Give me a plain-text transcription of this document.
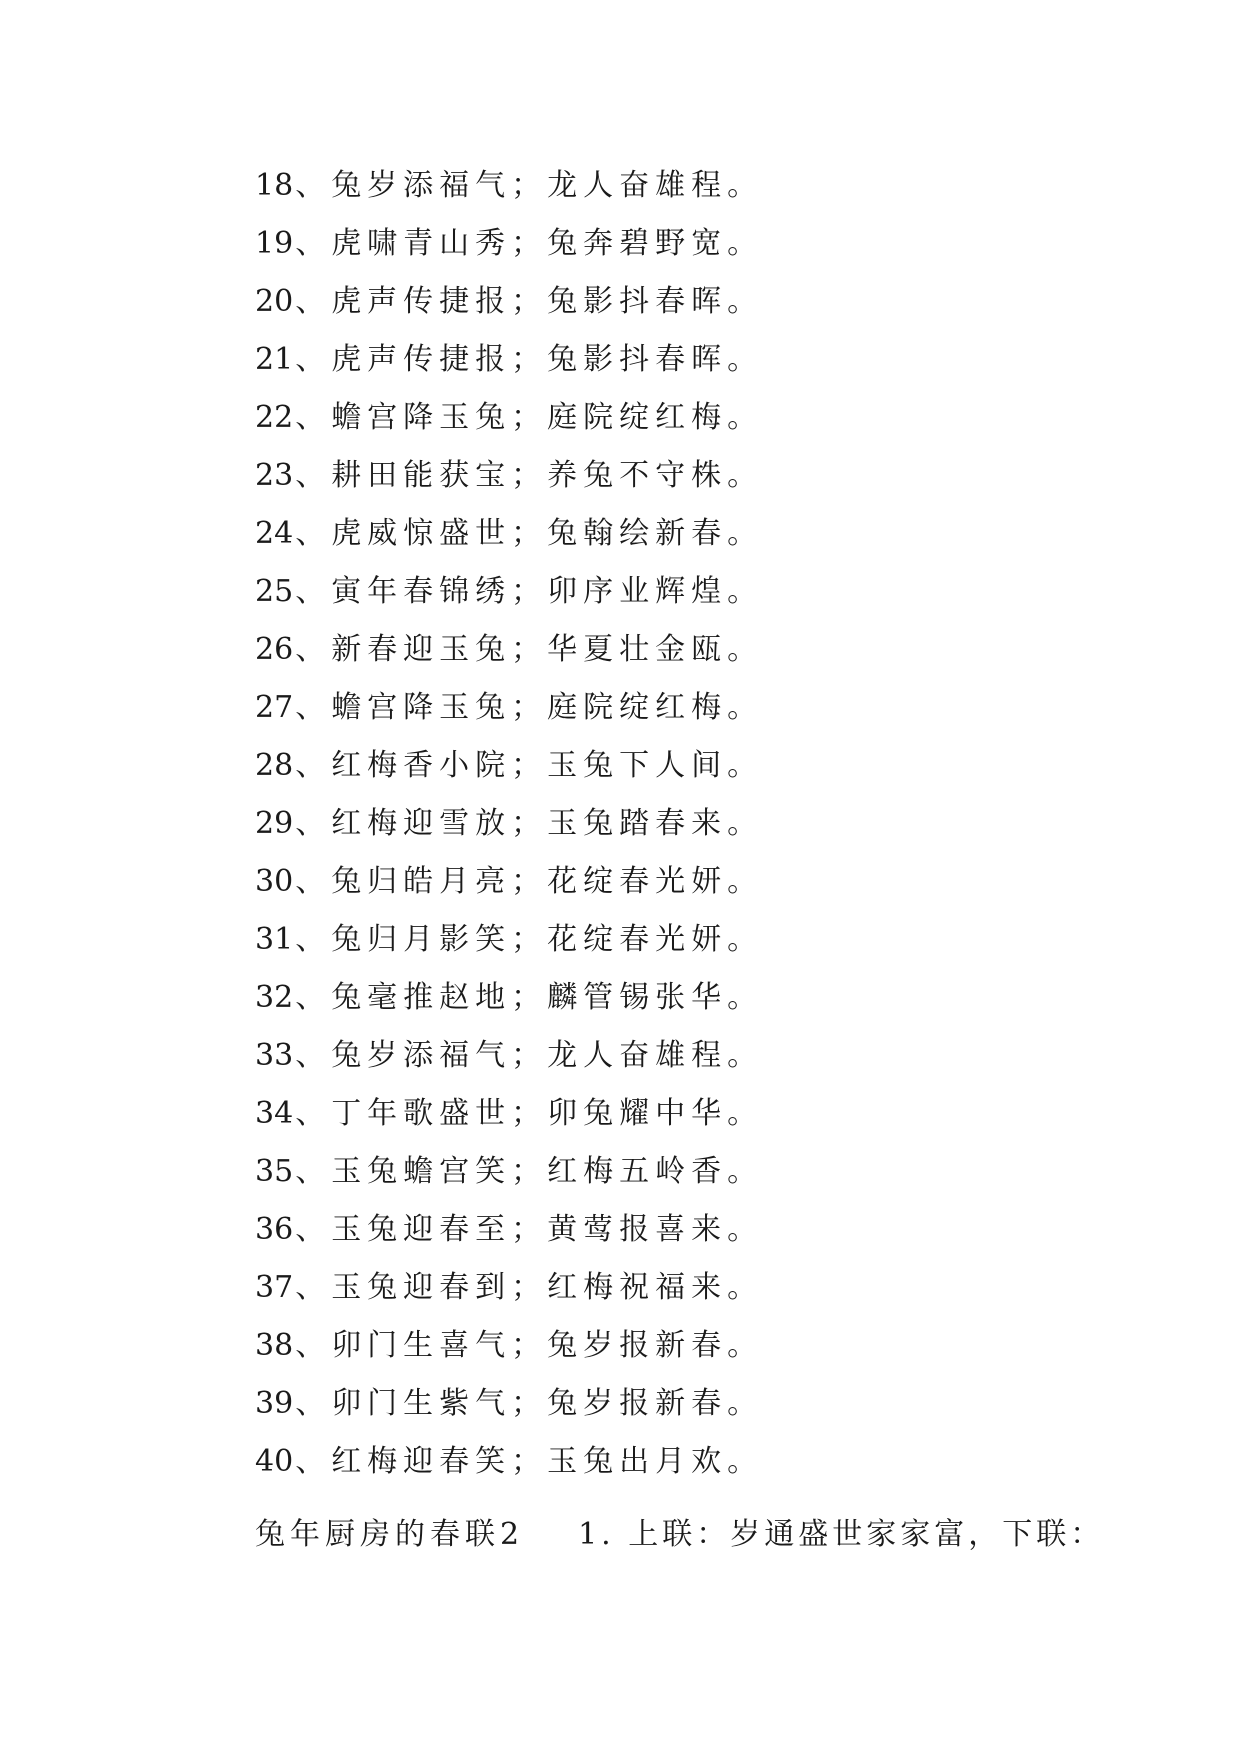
18、兔岁添福气；龙人奋雄程。
19、虎啸青山秀；兔奔碧野宽。
20、虎声传捷报；兔影抖春晖。
21、虎声传捷报；兔影抖春晖。
22、蟾宫降玉兔；庭院绽红梅。
23、耕田能获宝；养兔不守株。
24、虎威惊盛世；兔翰绘新春。
25、寅年春锦绣；卯序业辉煌。
26、新春迎玉兔；华夏壮金瓯。
27、蟾宫降玉兔；庭院绽红梅。
28、红梅香小院；玉兔下人间。
29、红梅迎雪放；玉兔踏春来。
30、兔归皓月亮；花绽春光妍。
31、兔归月影笑；花绽春光妍。
32、兔毫推赵地；麟管锡张华。
33、兔岁添福气；龙人奋雄程。
34、丁年歌盛世；卯兔耀中华。
35、玉兔蟾宫笑；红梅五岭香。
36、玉兔迎春至；黄莺报喜来。
37、玉兔迎春到；红梅祝福来。
38、卯门生喜气；兔岁报新春。
39、卯门生紫气；兔岁报新春。
40、红梅迎春笑；玉兔出月欢。
兔年厨房的春联2 1. 上联：岁通盛世家家富，下联：
